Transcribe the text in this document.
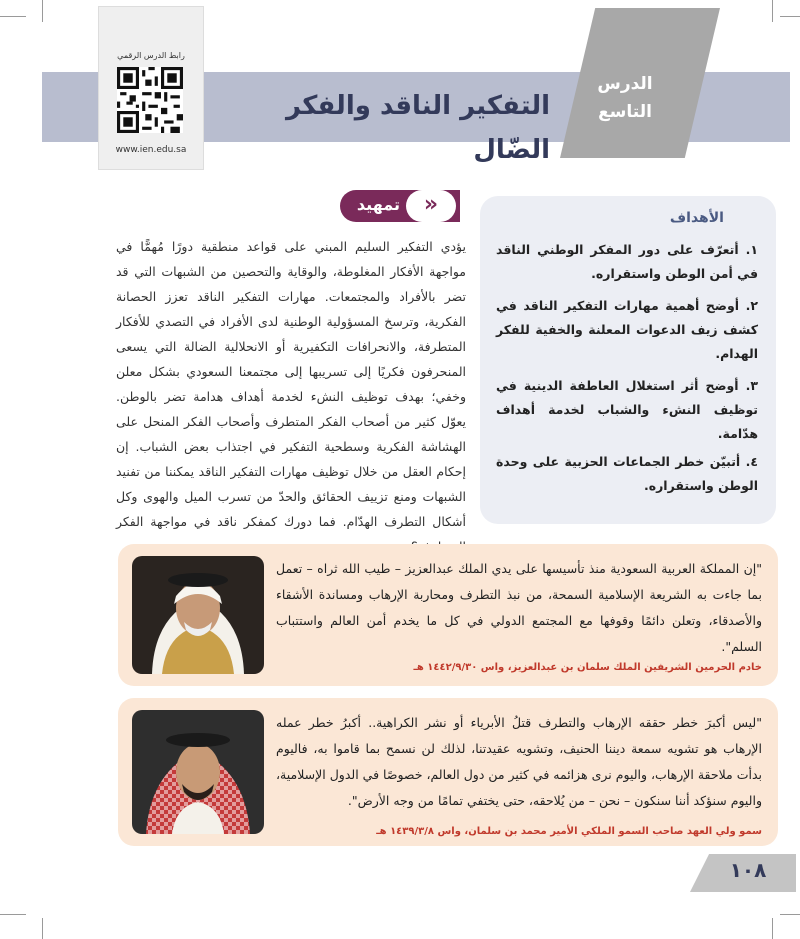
التفكير الناقد والفكر الضّال
الدرس
التاسع
رابط الدرس الرقمي
www.ien.edu.sa
الأهداف
١. أتعرّف على دور المفكر الوطني الناقد في أمن الوطن واستقراره.
٢. أوضح أهمية مهارات التفكير الناقد في كشف زيف الدعوات المعلنة والخفية للفكر الهدام.
٣. أوضح أثر استغلال العاطفة الدينية في توظيف النشء والشباب لخدمة أهداف هدّامة.
٤. أتبيّن خطر الجماعات الحزبية على وحدة الوطن واستقراره.
تمهيد	«
يؤدي التفكير السليم المبني على قواعد منطقية دورًا مُهمًّا في مواجهة الأفكار المغلوطة، والوقاية والتحصين من الشبهات التي قد تضر بالأفراد والمجتمعات. مهارات التفكير الناقد تعزز الحصانة الفكرية، وترسخ المسؤولية الوطنية لدى الأفراد في التصدي للأفكار المتطرفة، والانحرافات التكفيرية أو الانحلالية الضالة التي يسعى المنحرفون فكريًا إلى تسريبها إلى مجتمعنا السعودي بشكل معلن وخفي؛ بهدف توظيف النشء لخدمة أهداف هدامة تضر بالوطن. يعوّل كثير من أصحاب الفكر المتطرف وأصحاب الفكر المنحل على الهشاشة الفكرية وسطحية التفكير في اجتذاب بعض الشباب. إن إحكام العقل من خلال توظيف مهارات التفكير الناقد يمكننا من تفنيد الشبهات ومنع تزييف الحقائق والحدّ من تسرب الميل والهوى وكل أشكال التطرف الهدّام. فما دورك كمفكر ناقد في مواجهة الفكر
"إن المملكة العربية السعودية منذ تأسيسها على يدي الملك عبدالعزيز – طيب الله ثراه – تعمل بما جاءت به الشريعة الإسلامية السمحة، من نبذ التطرف ومحاربة الإرهاب ومساندة الأشقاء والأصدقاء، وتعلن دائمًا وقوفها مع المجتمع الدولي في كل ما يخدم أمن العالم واستتباب السلم".
خادم الحرمين الشريفين الملك سلمان بن عبدالعزيز، واس ١٤٤٢/٩/٣٠ هـ
"ليس أكبرَ خطر حققه الإرهاب والتطرف قتلُ الأبرياء أو نشر الكراهية.. أكبرُ خطر عمله الإرهاب هو تشويه سمعة ديننا الحنيف، وتشويه عقيدتنا، لذلك لن نسمح بما قاموا به، فاليوم بدأت ملاحقة الإرهاب، واليوم نرى هزائمه في كثير من دول العالم، خصوصًا في الدول الإسلامية، واليوم سنؤكد أننا سنكون – نحن – من يُلاحقه، حتى يختفي تمامًا من وجه الأرض".
سمو ولي العهد صاحب السمو الملكي الأمير محمد بن سلمان، واس ١٤٣٩/٣/٨ هـ
١٠٨
